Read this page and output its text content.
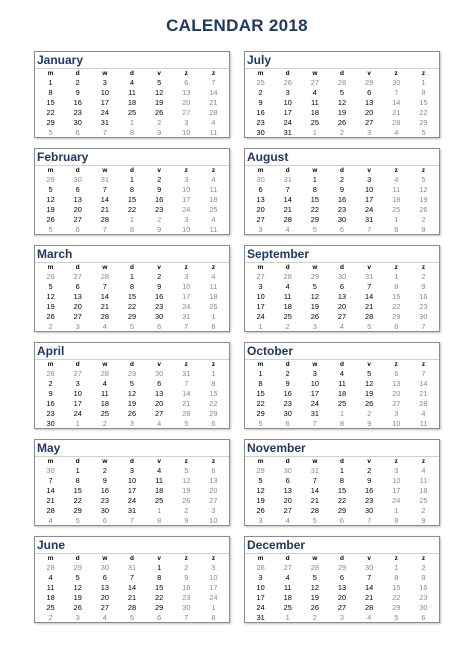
CALENDAR 2018
January
m	d	w	d	v	z	z
1	2	3	4	5	6	7
8	9	10	11	12	13	14
15	16	17	18	19	20	21
22	23	24	25	26	27	28
29	30	31	1	2	3	4
5	6	7	8	9	10	11
February
m	d	w	d	v	z	z
29	30	31	1	2	3	4
5	6	7	8	9	10	11
12	13	14	15	16	17	18
19	20	21	22	23	24	25
26	27	28	1	2	3	4
5	6	7	8	9	10	11
March
m	d	w	d	v	z	z
26	27	28	1	2	3	4
5	6	7	8	9	10	11
12	13	14	15	16	17	18
19	20	21	22	23	24	25
26	27	28	29	30	31	1
2	3	4	5	6	7	8
April
m	d	w	d	v	z	z
26	27	28	29	30	31	1
2	3	4	5	6	7	8
9	10	11	12	13	14	15
16	17	18	19	20	21	22
23	24	25	26	27	28	29
30	1	2	3	4	5	6
May
m	d	w	d	v	z	z
30	1	2	3	4	5	6
7	8	9	10	11	12	13
14	15	16	17	18	19	20
21	22	23	24	25	26	27
28	29	30	31	1	2	3
4	5	6	7	8	9	10
June
m	d	w	d	v	z	z
28	29	30	31	1	2	3
4	5	6	7	8	9	10
11	12	13	14	15	16	17
18	19	20	21	22	23	24
25	26	27	28	29	30	1
2	3	4	5	6	7	8
July
m	d	w	d	v	z	z
25	26	27	28	29	30	1
2	3	4	5	6	7	8
9	10	11	12	13	14	15
16	17	18	19	20	21	22
23	24	25	26	27	28	29
30	31	1	2	3	4	5
August
m	d	w	d	v	z	z
30	31	1	2	3	4	5
6	7	8	9	10	11	12
13	14	15	16	17	18	19
20	21	22	23	24	25	26
27	28	29	30	31	1	2
3	4	5	6	7	8	9
September
m	d	w	d	v	z	z
27	28	29	30	31	1	2
3	4	5	6	7	8	9
10	11	12	13	14	15	16
17	18	19	20	21	22	23
24	25	26	27	28	29	30
1	2	3	4	5	6	7
October
m	d	w	d	v	z	z
1	2	3	4	5	6	7
8	9	10	11	12	13	14
15	16	17	18	19	20	21
22	23	24	25	26	27	28
29	30	31	1	2	3	4
5	6	7	8	9	10	11
November
m	d	w	d	v	z	z
29	30	31	1	2	3	4
5	6	7	8	9	10	11
12	13	14	15	16	17	18
19	20	21	22	23	24	25
26	27	28	29	30	1	2
3	4	5	6	7	8	9
December
m	d	w	d	v	z	z
26	27	28	29	30	1	2
3	4	5	6	7	8	9
10	11	12	13	14	15	16
17	18	19	20	21	22	23
24	25	26	27	28	29	30
31	1	2	3	4	5	6
